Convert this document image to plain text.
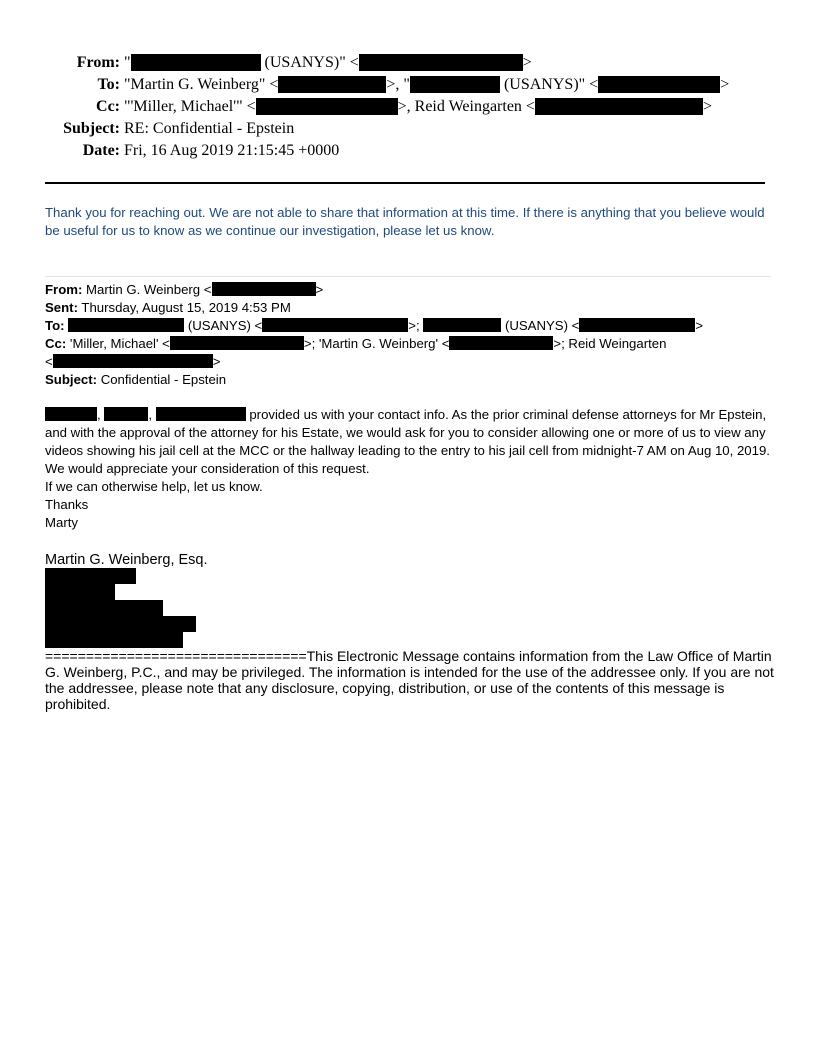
From: "	(USANYS)" <	>
To: "Martin G. Weinberg" <	>, "	(USANYS)" <	>
Cc: "'Miller, Michael'" <	>, Reid Weingarten <	>
Subject: RE: Confidential - Epstein
Date: Fri, 16 Aug 2019 21:15:45 +0000
Thank you for reaching out. We are not able to share that information at this time. If there is anything that you believe would be useful for us to know as we continue our investigation, please let us know.
From: Martin G. Weinberg <	>
Sent: Thursday, August 15, 2019 4:53 PM
To:	(USANYS) <	>;	(USANYS) <	>
Cc: 'Miller, Michael' <	>; 'Martin G. Weinberg' <	>; Reid Weingarten
<	>
Subject: Confidential - Epstein
,	,	provided us with your contact info. As the prior criminal defense attorneys for Mr Epstein, and with the approval of the attorney for his Estate, we would ask for you to consider allowing one or more of us to view any videos showing his jail cell at the MCC or the hallway leading to the entry to his jail cell from midnight-7 AM on Aug 10, 2019. We would appreciate your consideration of this request.
If we can otherwise help, let us know.
Thanks
Marty
Martin G. Weinberg, Esq.
================================This Electronic Message contains information from the Law Office of Martin G. Weinberg, P.C., and may be privileged. The information is intended for the use of the addressee only. If you are not the addressee, please note that any disclosure, copying, distribution, or use of the contents of this message is prohibited.
